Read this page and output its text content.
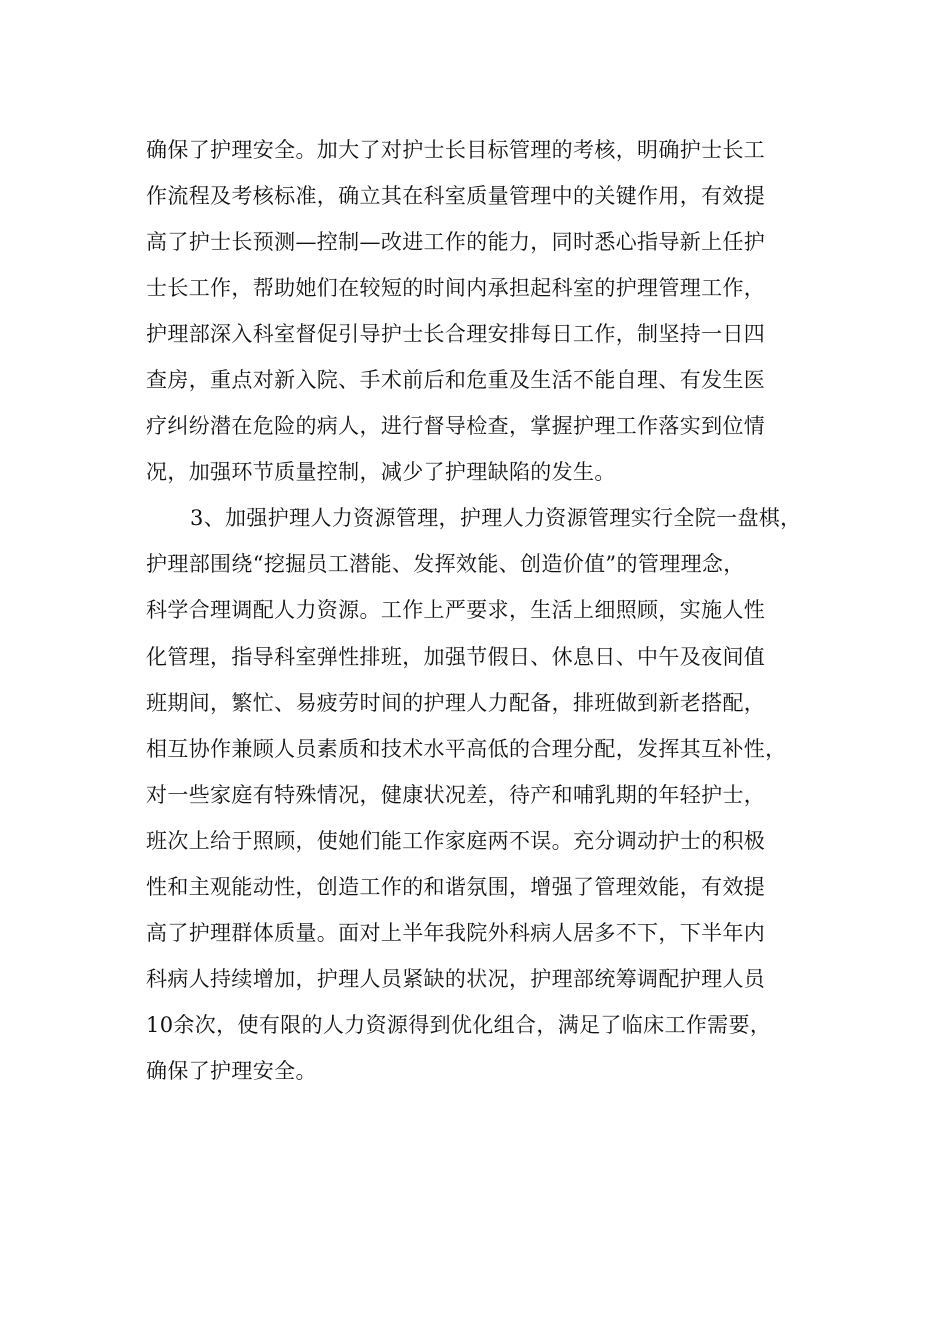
确保了护理安全。加大了对护士长目标管理的考核，明确护士长工
作流程及考核标准，确立其在科室质量管理中的关键作用，有效提
高了护士长预测—控制—改进工作的能力，同时悉心指导新上任护
士长工作，帮助她们在较短的时间内承担起科室的护理管理工作，
护理部深入科室督促引导护士长合理安排每日工作，制坚持一日四
查房，重点对新入院、手术前后和危重及生活不能自理、有发生医
疗纠纷潜在危险的病人，进行督导检查，掌握护理工作落实到位情
况，加强环节质量控制，减少了护理缺陷的发生。
3、加强护理人力资源管理，护理人力资源管理实行全院一盘棋，
护理部围绕“挖掘员工潜能、发挥效能、创造价值”的管理理念，
科学合理调配人力资源。工作上严要求，生活上细照顾，实施人性
化管理，指导科室弹性排班，加强节假日、休息日、中午及夜间值
班期间，繁忙、易疲劳时间的护理人力配备，排班做到新老搭配，
相互协作兼顾人员素质和技术水平高低的合理分配，发挥其互补性，
对一些家庭有特殊情况，健康状况差，待产和哺乳期的年轻护士，
班次上给于照顾，使她们能工作家庭两不误。充分调动护士的积极
性和主观能动性，创造工作的和谐氛围，增强了管理效能，有效提
高了护理群体质量。面对上半年我院外科病人居多不下，下半年内
科病人持续增加，护理人员紧缺的状况，护理部统筹调配护理人员
10余次，使有限的人力资源得到优化组合，满足了临床工作需要，
确保了护理安全。
